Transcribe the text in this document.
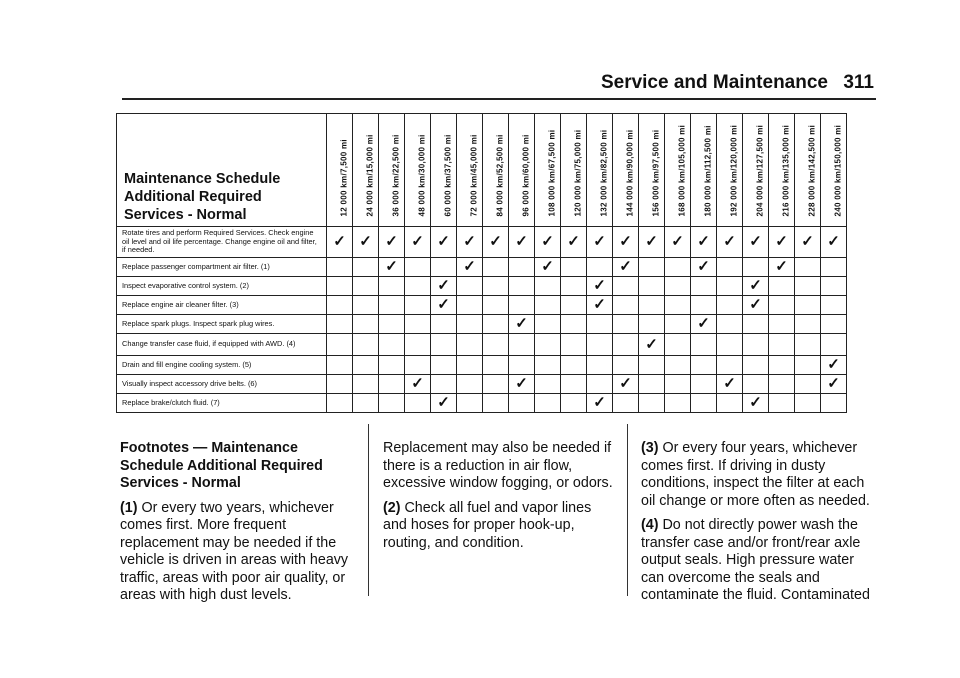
Service and Maintenance 311
Maintenance Schedule
Additional Required
Services - Normal	12 000 km/7,500 mi	24 000 km/15,000 mi	36 000 km/22,500 mi	48 000 km/30,000 mi	60 000 km/37,500 mi	72 000 km/45,000 mi	84 000 km/52,500 mi	96 000 km/60,000 mi	108 000 km/67,500 mi	120 000 km/75,000 mi	132 000 km/82,500 mi	144 000 km/90,000 mi	156 000 km/97,500 mi	168 000 km/105,000 mi	180 000 km/112,500 mi	192 000 km/120,000 mi	204 000 km/127,500 mi	216 000 km/135,000 mi	228 000 km/142,500 mi	240 000 km/150,000 mi

Rotate tires and perform Required Services. Check engine oil level and oil life percentage. Change engine oil and filter, if needed.	✓	✓	✓	✓	✓	✓	✓	✓	✓	✓	✓	✓	✓	✓	✓	✓	✓	✓	✓	✓
Replace passenger compartment air filter. (1)			✓			✓			✓			✓			✓			✓		
Inspect evaporative control system. (2)					✓						✓						✓			
Replace engine air cleaner filter. (3)					✓						✓						✓			
Replace spark plugs. Inspect spark plug wires.								✓							✓					
Change transfer case fluid, if equipped with AWD. (4)													✓							
Drain and fill engine cooling system. (5)																				✓
Visually inspect accessory drive belts. (6)				✓				✓				✓				✓				✓
Replace brake/clutch fluid. (7)					✓						✓						✓			

Footnotes — Maintenance Schedule Additional Required Services - Normal

(1) Or every two years, whichever comes first. More frequent replacement may be needed if the vehicle is driven in areas with heavy traffic, areas with poor air quality, or areas with high dust levels.

Replacement may also be needed if there is a reduction in air flow, excessive window fogging, or odors.

(2) Check all fuel and vapor lines and hoses for proper hook-up, routing, and condition.

(3) Or every four years, whichever comes first. If driving in dusty conditions, inspect the filter at each oil change or more often as needed.

(4) Do not directly power wash the transfer case and/or front/rear axle output seals. High pressure water can overcome the seals and contaminate the fluid. Contaminated
